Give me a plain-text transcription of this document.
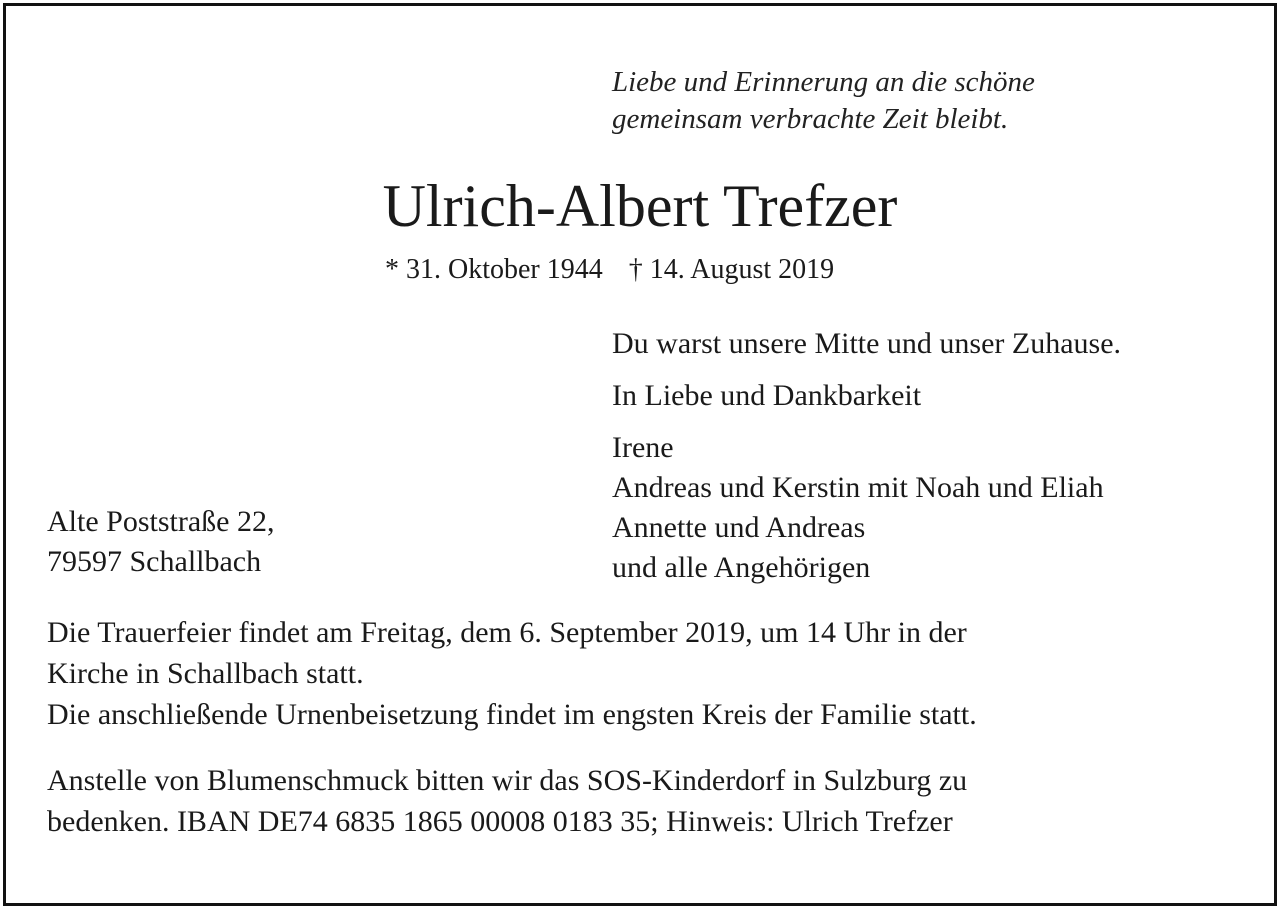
Liebe und Erinnerung an die schöne
gemeinsam verbrachte Zeit bleibt.
Ulrich-Albert Trefzer
* 31. Oktober 1944 † 14. August 2019
Du warst unsere Mitte und unser Zuhause.
In Liebe und Dankbarkeit
Irene
Andreas und Kerstin mit Noah und Eliah
Annette und Andreas
und alle Angehörigen
Alte Poststraße 22,
79597 Schallbach
Die Trauerfeier findet am Freitag, dem 6. September 2019, um 14 Uhr in der
Kirche in Schallbach statt.
Die anschließende Urnenbeisetzung findet im engsten Kreis der Familie statt.
Anstelle von Blumenschmuck bitten wir das SOS-Kinderdorf in Sulzburg zu
bedenken. IBAN DE74 6835 1865 00008 0183 35; Hinweis: Ulrich Trefzer
